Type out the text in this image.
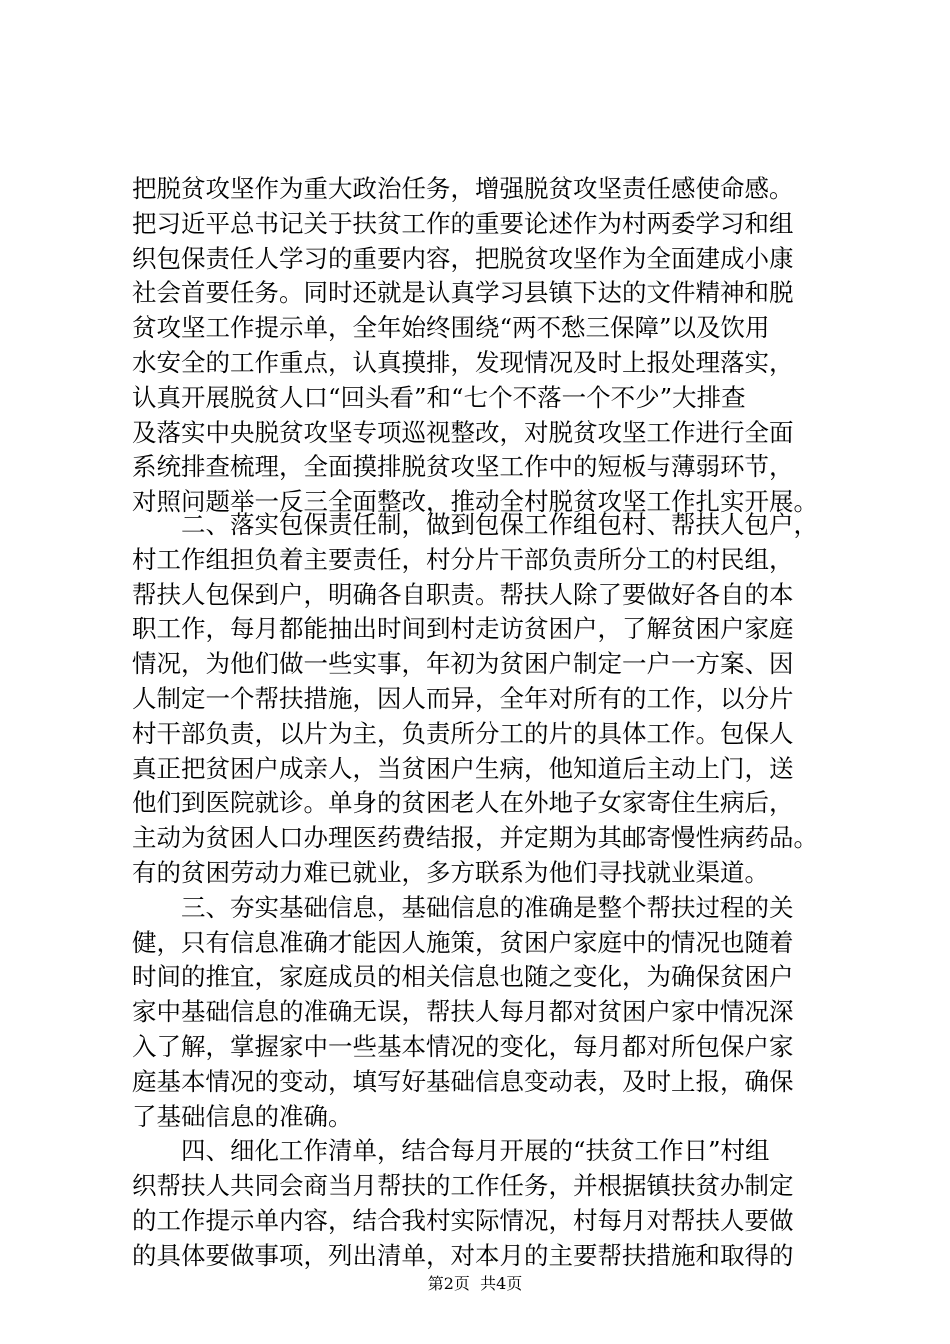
把脱贫攻坚作为重大政治任务，增强脱贫攻坚责任感使命感。
把习近平总书记关于扶贫工作的重要论述作为村两委学习和组
织包保责任人学习的重要内容，把脱贫攻坚作为全面建成小康
社会首要任务。同时还就是认真学习县镇下达的文件精神和脱
贫攻坚工作提示单，全年始终围绕“两不愁三保障”以及饮用
水安全的工作重点，认真摸排，发现情况及时上报处理落实，
认真开展脱贫人口“回头看”和“七个不落一个不少”大排查
及落实中央脱贫攻坚专项巡视整改，对脱贫攻坚工作进行全面
系统排查梳理，全面摸排脱贫攻坚工作中的短板与薄弱环节，
对照问题举一反三全面整改，推动全村脱贫攻坚工作扎实开展。
　　二、落实包保责任制，做到包保工作组包村、帮扶人包户，
村工作组担负着主要责任，村分片干部负责所分工的村民组，
帮扶人包保到户，明确各自职责。帮扶人除了要做好各自的本
职工作，每月都能抽出时间到村走访贫困户，了解贫困户家庭
情况，为他们做一些实事，年初为贫困户制定一户一方案、因
人制定一个帮扶措施，因人而异，全年对所有的工作，以分片
村干部负责，以片为主，负责所分工的片的具体工作。包保人
真正把贫困户成亲人，当贫困户生病，他知道后主动上门，送
他们到医院就诊。单身的贫困老人在外地子女家寄住生病后，
主动为贫困人口办理医药费结报，并定期为其邮寄慢性病药品。
有的贫困劳动力难已就业，多方联系为他们寻找就业渠道。
　　三、夯实基础信息，基础信息的准确是整个帮扶过程的关
健，只有信息准确才能因人施策，贫困户家庭中的情况也随着
时间的推宜，家庭成员的相关信息也随之变化，为确保贫困户
家中基础信息的准确无误，帮扶人每月都对贫困户家中情况深
入了解，掌握家中一些基本情况的变化，每月都对所包保户家
庭基本情况的变动，填写好基础信息变动表，及时上报，确保
了基础信息的准确。
　　四、细化工作清单，结合每月开展的“扶贫工作日”村组
织帮扶人共同会商当月帮扶的工作任务，并根据镇扶贫办制定
的工作提示单内容，结合我村实际情况，村每月对帮扶人要做
的具体要做事项，列出清单，对本月的主要帮扶措施和取得的
第2页  共4页
